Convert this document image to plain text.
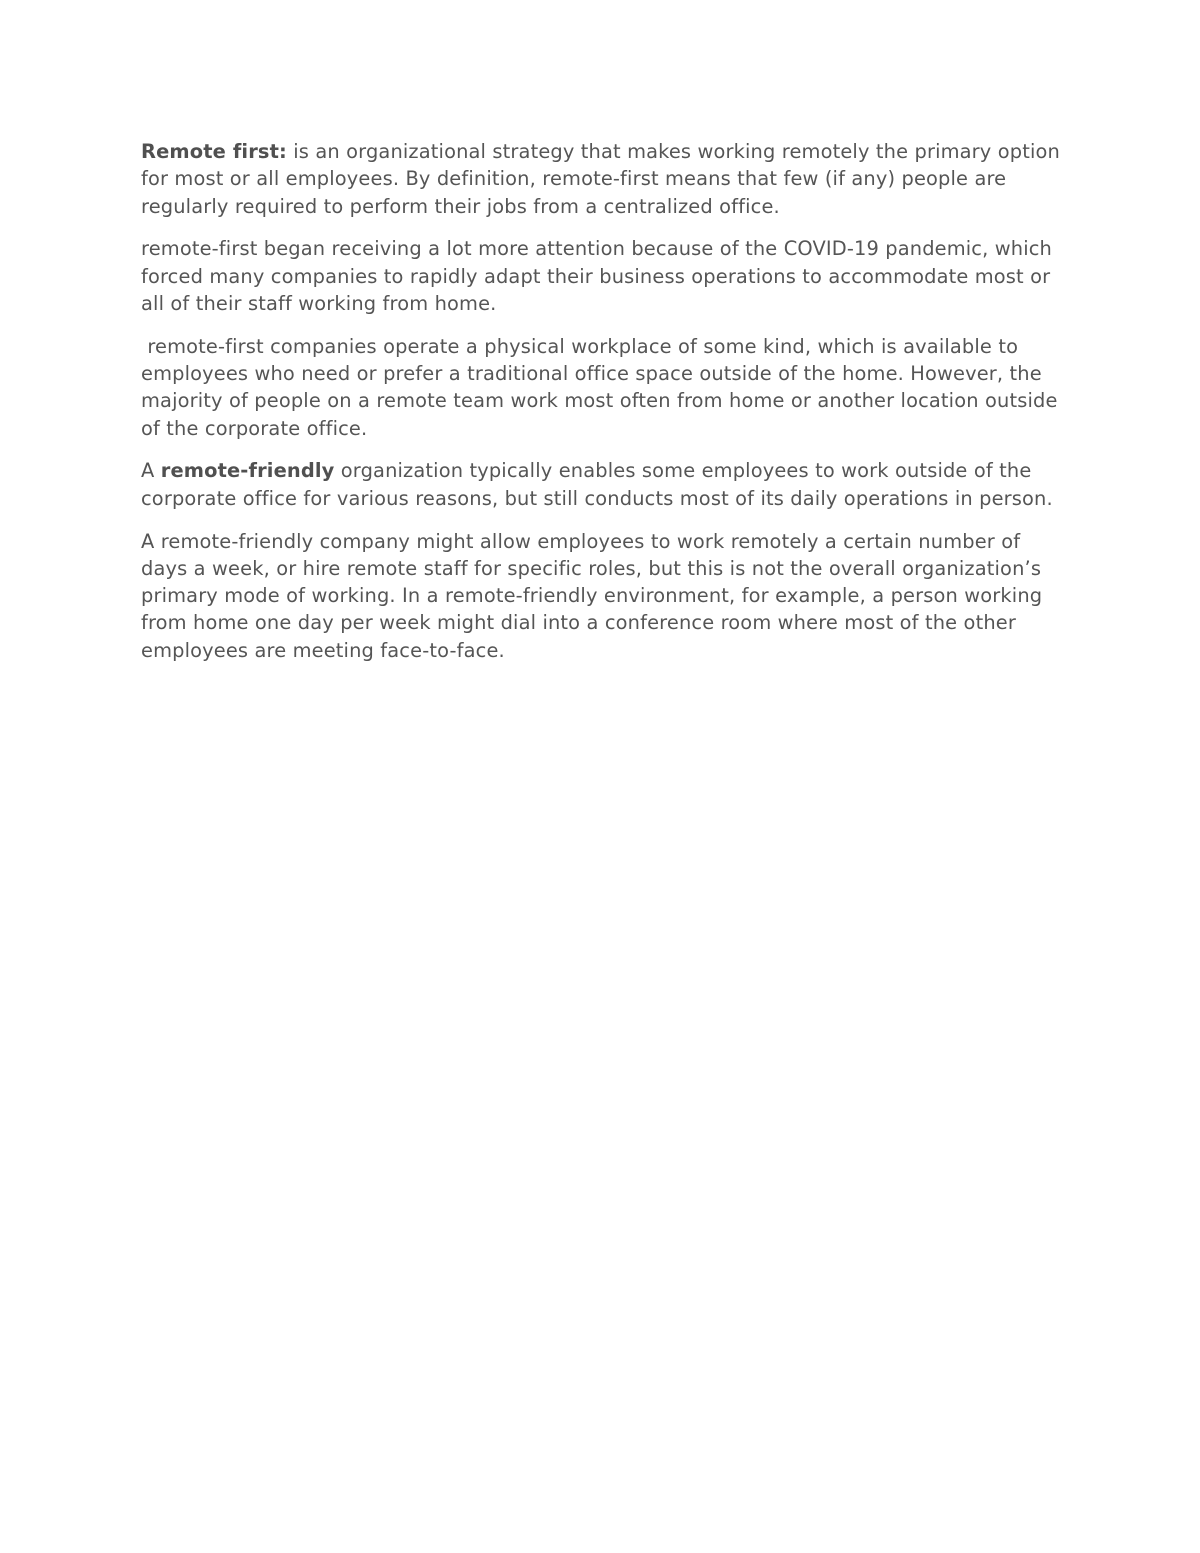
Remote first: is an organizational strategy that makes working remotely the primary option for most or all employees. By definition, remote-first means that few (if any) people are regularly required to perform their jobs from a centralized office.

remote-first began receiving a lot more attention because of the COVID-19 pandemic, which forced many companies to rapidly adapt their business operations to accommodate most or all of their staff working from home.

remote-first companies operate a physical workplace of some kind, which is available to employees who need or prefer a traditional office space outside of the home. However, the majority of people on a remote team work most often from home or another location outside of the corporate office.

A remote-friendly organization typically enables some employees to work outside of the corporate office for various reasons, but still conducts most of its daily operations in person.

A remote-friendly company might allow employees to work remotely a certain number of days a week, or hire remote staff for specific roles, but this is not the overall organization’s primary mode of working. In a remote-friendly environment, for example, a person working from home one day per week might dial into a conference room where most of the other employees are meeting face-to-face.
